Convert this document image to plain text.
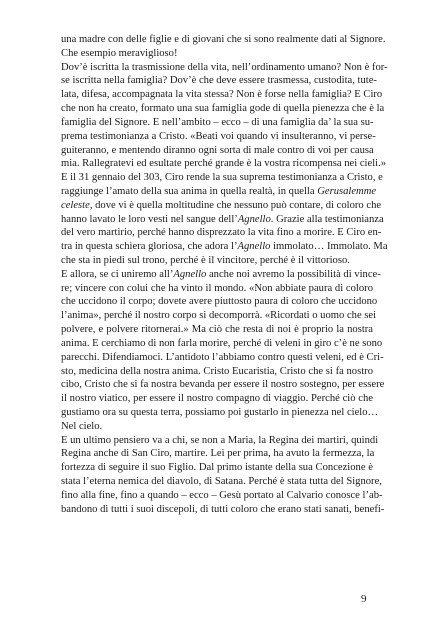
una madre con delle figlie e di giovani che si sono realmente dati al Signore.
Che esempio meraviglioso!
Dov’è iscritta la trasmissione della vita, nell’ordinamento umano? Non è for-
se iscritta nella famiglia? Dov’è che deve essere trasmessa, custodita, tute-
lata, difesa, accompagnata la vita stessa? Non è forse nella famiglia? E Ciro
che non ha creato, formato una sua famiglia gode di quella pienezza che è la
famiglia del Signore. E nell’ambito – ecco – di una famiglia da’ la sua su-
prema testimonianza a Cristo. «Beati voi quando vi insulteranno, vi perse-
guiteranno, e mentendo diranno ogni sorta di male contro di voi per causa
mia. Rallegratevi ed esultate perché grande è la vostra ricompensa nei cieli.»
E il 31 gennaio del 303, Ciro rende la sua suprema testimonianza a Cristo, e
raggiunge l’amato della sua anima in quella realtà, in quella Gerusalemme
celeste, dove vi è quella moltitudine che nessuno può contare, di coloro che
hanno lavato le loro vesti nel sangue dell’Agnello. Grazie alla testimonianza
del vero martirio, perché hanno disprezzato la vita fino a morire. E Ciro en-
tra in questa schiera gloriosa, che adora l’Agnello immolato… Immolato. Ma
che sta in piedi sul trono, perché è il vincitore, perché è il vittorioso.
E allora, se ci uniremo all’Agnello anche noi avremo la possibilità di vince-
re; vincere con colui che ha vinto il mondo. «Non abbiate paura di coloro
che uccidono il corpo; dovete avere piuttosto paura di coloro che uccidono
l’anima», perché il nostro corpo si decomporrà. «Ricordati o uomo che sei
polvere, e polvere ritornerai.» Ma ciò che resta di noi è proprio la nostra
anima. E cerchiamo di non farla morire, perché di veleni in giro c’è ne sono
parecchi. Difendiamoci. L’antidoto l’abbiamo contro questi veleni, ed è Cri-
sto, medicina della nostra anima. Cristo Eucaristia, Cristo che si fa nostro
cibo, Cristo che si fa nostra bevanda per essere il nostro sostegno, per essere
il nostro viatico, per essere il nostro compagno di viaggio. Perché ciò che
gustiamo ora su questa terra, possiamo poi gustarlo in pienezza nel cielo…
Nel cielo.
E un ultimo pensiero va a chi, se non a Maria, la Regina dei martiri, quindi
Regina anche di San Ciro, martire. Lei per prima, ha avuto la fermezza, la
fortezza di seguire il suo Figlio. Dal primo istante della sua Concezione è
stata l’eterna nemica del diavolo, di Satana. Perché è stata tutta del Signore,
fino alla fine, fino a quando – ecco – Gesù portato al Calvario conosce l’ab-
bandono di tutti i suoi discepoli, di tutti coloro che erano stati sanati, benefi-
9
